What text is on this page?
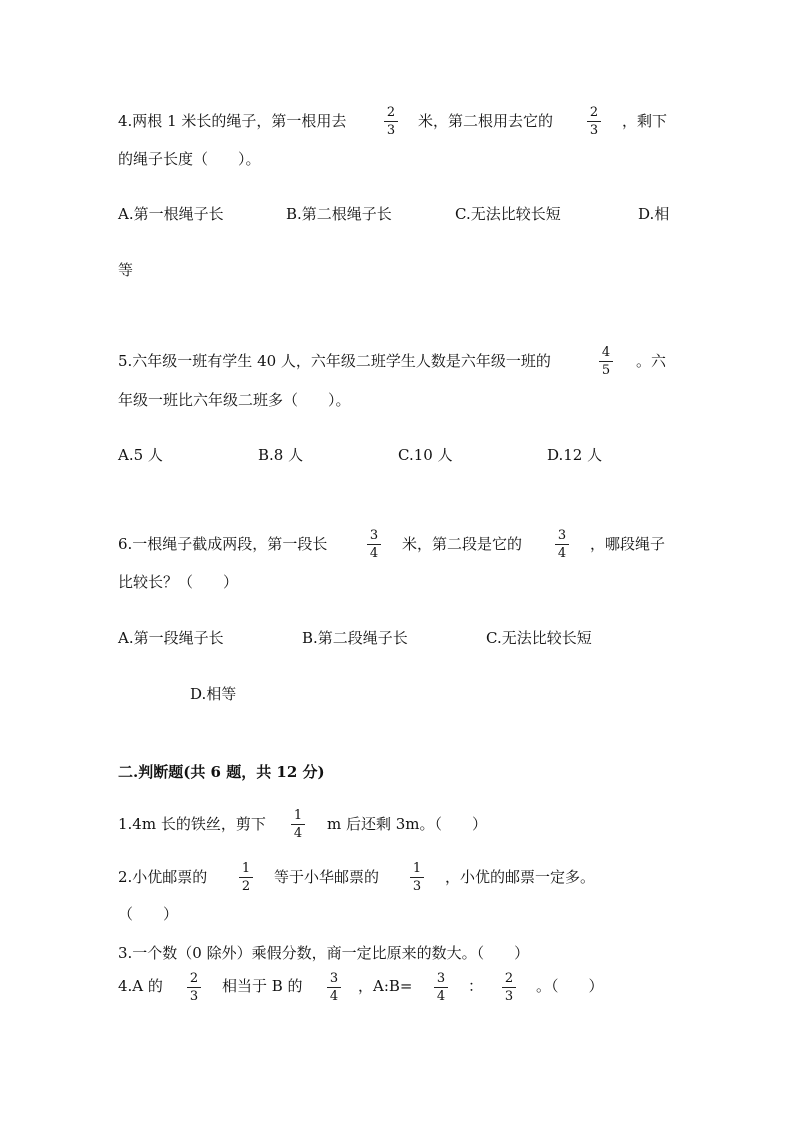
4.两根 1 米长的绳子，第一根用去	2
3
米，第二根用去它的	2
3
，剩下
的绳子长度（　　）。
A.第一根绳子长	B.第二根绳子长	C.无法比较长短	D.相
等
5.六年级一班有学生 40 人，六年级二班学生人数是六年级一班的	4
5
。六
年级一班比六年级二班多（　　）。
A.5 人	B.8 人	C.10 人	D.12 人
6.一根绳子截成两段，第一段长	3
4
米，第二段是它的	3
4
，哪段绳子
比较长？（　　）
A.第一段绳子长	B.第二段绳子长	C.无法比较长短
D.相等
二.判断题(共 6 题，共 12 分)
1.4m 长的铁丝，剪下 1
4
m 后还剩 3m。（　　）
2.小优邮票的	1
2
等于小华邮票的	1
3
，小优的邮票一定多。
（　　）
3.一个数（0 除外）乘假分数，商一定比原来的数大。（　　）
4.A 的 2
3
相当于 B 的 3
4
，A:B= 3
4
： 2
3
。（　　）
